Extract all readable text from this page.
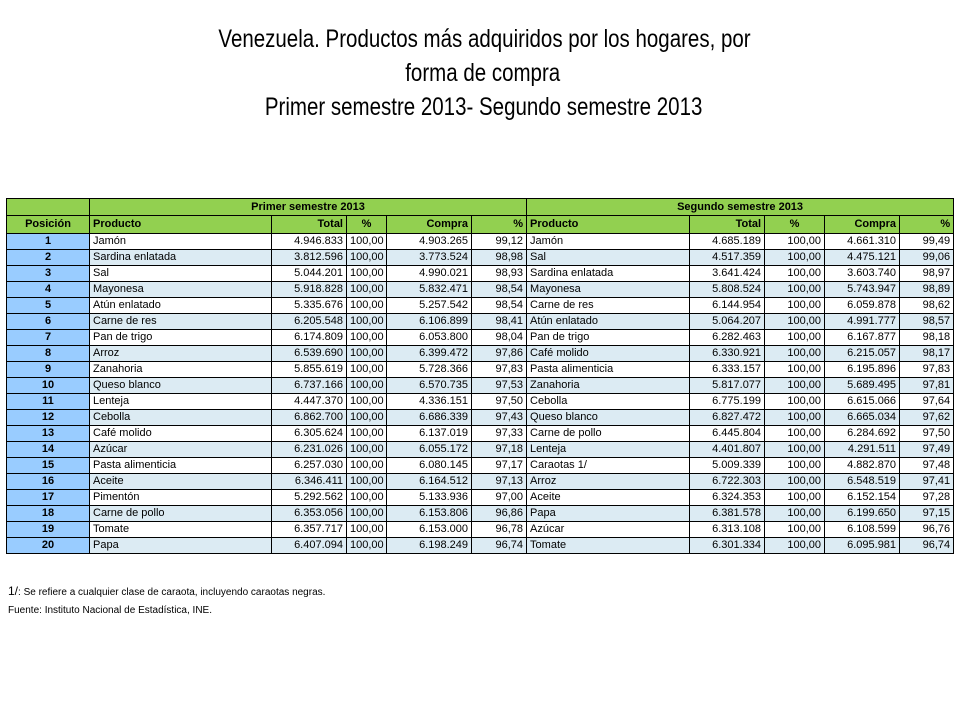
Venezuela. Productos más adquiridos por los hogares, por
forma de compra
Primer semestre 2013- Segundo semestre 2013
	Primer semestre 2013					Segundo semestre 2013				
Posición	Producto	Total	%	Compra	%	Producto	Total	%	Compra	%
1	Jamón	4.946.833	100,00	4.903.265	99,12	Jamón	4.685.189	100,00	4.661.310	99,49
2	Sardina enlatada	3.812.596	100,00	3.773.524	98,98	Sal	4.517.359	100,00	4.475.121	99,06
3	Sal	5.044.201	100,00	4.990.021	98,93	Sardina enlatada	3.641.424	100,00	3.603.740	98,97
4	Mayonesa	5.918.828	100,00	5.832.471	98,54	Mayonesa	5.808.524	100,00	5.743.947	98,89
5	Atún enlatado	5.335.676	100,00	5.257.542	98,54	Carne de res	6.144.954	100,00	6.059.878	98,62
6	Carne de res	6.205.548	100,00	6.106.899	98,41	Atún enlatado	5.064.207	100,00	4.991.777	98,57
7	Pan de trigo	6.174.809	100,00	6.053.800	98,04	Pan de trigo	6.282.463	100,00	6.167.877	98,18
8	Arroz	6.539.690	100,00	6.399.472	97,86	Café molido	6.330.921	100,00	6.215.057	98,17
9	Zanahoria	5.855.619	100,00	5.728.366	97,83	Pasta alimenticia	6.333.157	100,00	6.195.896	97,83
10	Queso blanco	6.737.166	100,00	6.570.735	97,53	Zanahoria	5.817.077	100,00	5.689.495	97,81
11	Lenteja	4.447.370	100,00	4.336.151	97,50	Cebolla	6.775.199	100,00	6.615.066	97,64
12	Cebolla	6.862.700	100,00	6.686.339	97,43	Queso blanco	6.827.472	100,00	6.665.034	97,62
13	Café molido	6.305.624	100,00	6.137.019	97,33	Carne de pollo	6.445.804	100,00	6.284.692	97,50
14	Azúcar	6.231.026	100,00	6.055.172	97,18	Lenteja	4.401.807	100,00	4.291.511	97,49
15	Pasta alimenticia	6.257.030	100,00	6.080.145	97,17	Caraotas 1/	5.009.339	100,00	4.882.870	97,48
16	Aceite	6.346.411	100,00	6.164.512	97,13	Arroz	6.722.303	100,00	6.548.519	97,41
17	Pimentón	5.292.562	100,00	5.133.936	97,00	Aceite	6.324.353	100,00	6.152.154	97,28
18	Carne de pollo	6.353.056	100,00	6.153.806	96,86	Papa	6.381.578	100,00	6.199.650	97,15
19	Tomate	6.357.717	100,00	6.153.000	96,78	Azúcar	6.313.108	100,00	6.108.599	96,76
20	Papa	6.407.094	100,00	6.198.249	96,74	Tomate	6.301.334	100,00	6.095.981	96,74
1/: Se refiere a cualquier clase de caraota, incluyendo caraotas negras.
Fuente: Instituto Nacional de Estadística, INE.
